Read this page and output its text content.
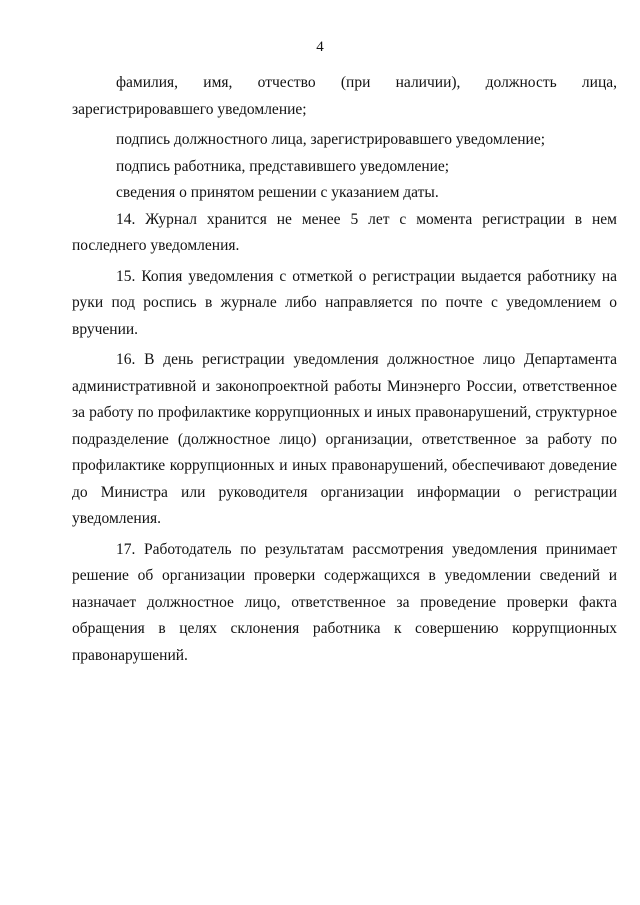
4

фамилия, имя, отчество (при наличии), должность лица, зарегистрировавшего уведомление;

подпись должностного лица, зарегистрировавшего уведомление;

подпись работника, представившего уведомление;

сведения о принятом решении с указанием даты.

14. Журнал хранится не менее 5 лет с момента регистрации в нем последнего уведомления.

15. Копия уведомления с отметкой о регистрации выдается работнику на руки под роспись в журнале либо направляется по почте с уведомлением о вручении.

16. В день регистрации уведомления должностное лицо Департамента административной и законопроектной работы Минэнерго России, ответственное за работу по профилактике коррупционных и иных правонарушений, структурное подразделение (должностное лицо) организации, ответственное за работу по профилактике коррупционных и иных правонарушений, обеспечивают доведение до Министра или руководителя организации информации о регистрации уведомления.

17. Работодатель по результатам рассмотрения уведомления принимает решение об организации проверки содержащихся в уведомлении сведений и назначает должностное лицо, ответственное за проведение проверки факта обращения в целях склонения работника к совершению коррупционных правонарушений.
